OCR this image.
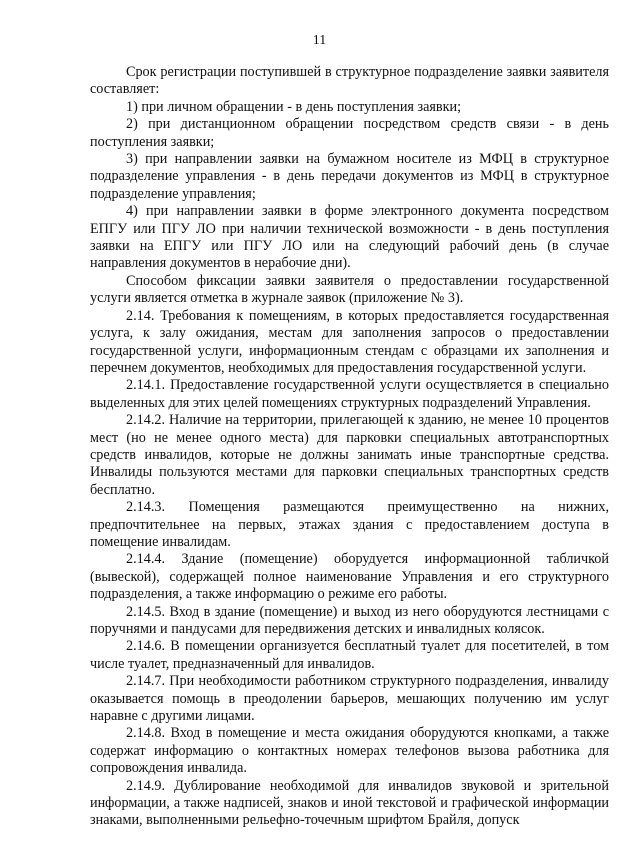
11

Срок регистрации поступившей в структурное подразделение заявки заявителя составляет:

1) при личном обращении - в день поступления заявки;

2) при дистанционном обращении посредством средств связи - в день поступления заявки;

3) при направлении заявки на бумажном носителе из МФЦ в структурное подразделение управления - в день передачи документов из МФЦ в структурное подразделение управления;

4) при направлении заявки в форме электронного документа посредством ЕПГУ или ПГУ ЛО при наличии технической возможности - в день поступления заявки на ЕПГУ или ПГУ ЛО или на следующий рабочий день (в случае направления документов в нерабочие дни).

Способом фиксации заявки заявителя о предоставлении государственной услуги является отметка в журнале заявок (приложение № 3).

2.14. Требования к помещениям, в которых предоставляется государственная услуга, к залу ожидания, местам для заполнения запросов о предоставлении государственной услуги, информационным стендам с образцами их заполнения и перечнем документов, необходимых для предоставления государственной услуги.

2.14.1. Предоставление государственной услуги осуществляется в специально выделенных для этих целей помещениях структурных подразделений Управления.

2.14.2. Наличие на территории, прилегающей к зданию, не менее 10 процентов мест (но не менее одного места) для парковки специальных автотранспортных средств инвалидов, которые не должны занимать иные транспортные средства. Инвалиды пользуются местами для парковки специальных транспортных средств бесплатно.

2.14.3. Помещения размещаются преимущественно на нижних, предпочтительнее на первых, этажах здания с предоставлением доступа в помещение инвалидам.

2.14.4. Здание (помещение) оборудуется информационной табличкой (вывеской), содержащей полное наименование Управления и его структурного подразделения, а также информацию о режиме его работы.

2.14.5. Вход в здание (помещение) и выход из него оборудуются лестницами с поручнями и пандусами для передвижения детских и инвалидных колясок.

2.14.6. В помещении организуется бесплатный туалет для посетителей, в том числе туалет, предназначенный для инвалидов.

2.14.7. При необходимости работником структурного подразделения, инвалиду оказывается помощь в преодолении барьеров, мешающих получению им услуг наравне с другими лицами.

2.14.8. Вход в помещение и места ожидания оборудуются кнопками, а также содержат информацию о контактных номерах телефонов вызова работника для сопровождения инвалида.

2.14.9. Дублирование необходимой для инвалидов звуковой и зрительной информации, а также надписей, знаков и иной текстовой и графической информации знаками, выполненными рельефно-точечным шрифтом Брайля, допуск
